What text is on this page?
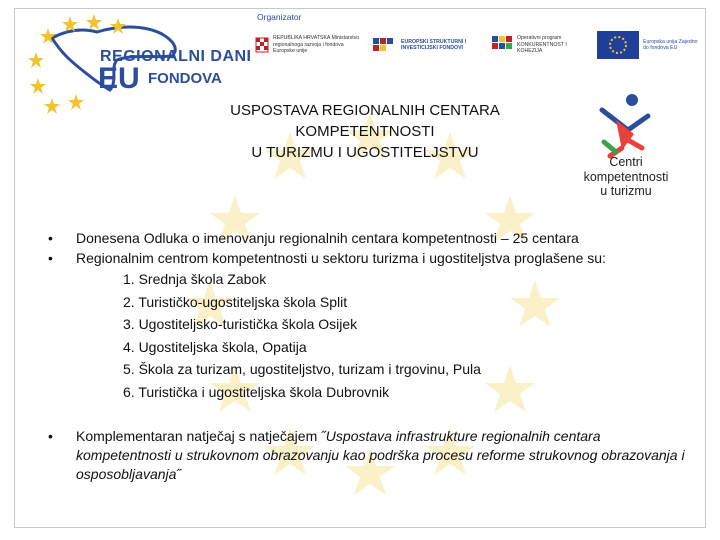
REGIONALNI DANI
EU FONDOVA
Organizator
REPUBLIKA HRVATSKA Ministarstvo regionalnoga razvoja i fondova Europske unije
EUROPSKI STRUKTURNI I INVESTICIJSKI FONDOVI
Operativni program KONKURENTNOST I KOHEZIJA
Europska unija Zajedno do fondova EU
USPOSTAVA REGIONALNIH CENTARA
KOMPETENTNOSTI
U TURIZMU I UGOSTITELJSTVU
Centri
kompetentnosti
u turizmu
• Donesena Odluka o imenovanju regionalnih centara kompetentnosti – 25 centara
• Regionalnim centrom kompetentnosti u sektoru turizma i ugostiteljstva proglašene su:
1. Srednja škola Zabok
2. Turističko-ugostiteljska škola Split
3. Ugostiteljsko-turistička škola Osijek
4. Ugostiteljska škola, Opatija
5. Škola za turizam, ugostiteljstvo, turizam i trgovinu, Pula
6. Turistička i ugostiteljska škola Dubrovnik
• Komplementaran natječaj s natječajem ˝Uspostava infrastrukture regionalnih centara kompetentnosti u strukovnom obrazovanju kao podrška procesu reforme strukovnog obrazovanja i osposobljavanja˝
